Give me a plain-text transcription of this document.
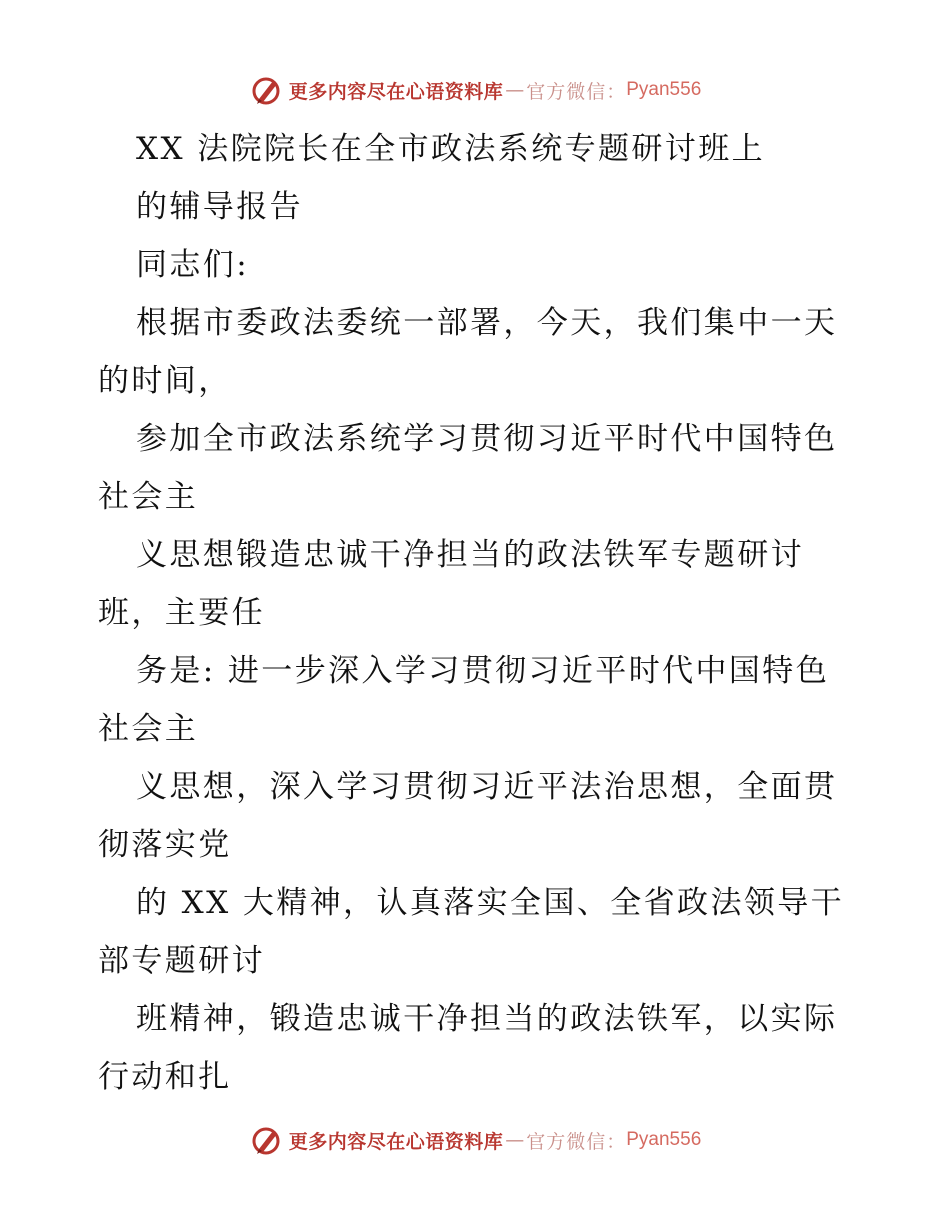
更多内容尽在心语资料库 — 官方微信： Pyan556
XX 法院院长在全市政法系统专题研讨班上
的辅导报告
同志们:
根据市委政法委统一部署，今天，我们集中一天
的时间，
参加全市政法系统学习贯彻习近平时代中国特色
社会主
义思想锻造忠诚干净担当的政法铁军专题研讨
班，主要任
务是: 进一步深入学习贯彻习近平时代中国特色
社会主
义思想，深入学习贯彻习近平法治思想，全面贯
彻落实党
的 XX 大精神，认真落实全国、全省政法领导干
部专题研讨
班精神，锻造忠诚干净担当的政法铁军，以实际
行动和扎
更多内容尽在心语资料库 — 官方微信： Pyan556
